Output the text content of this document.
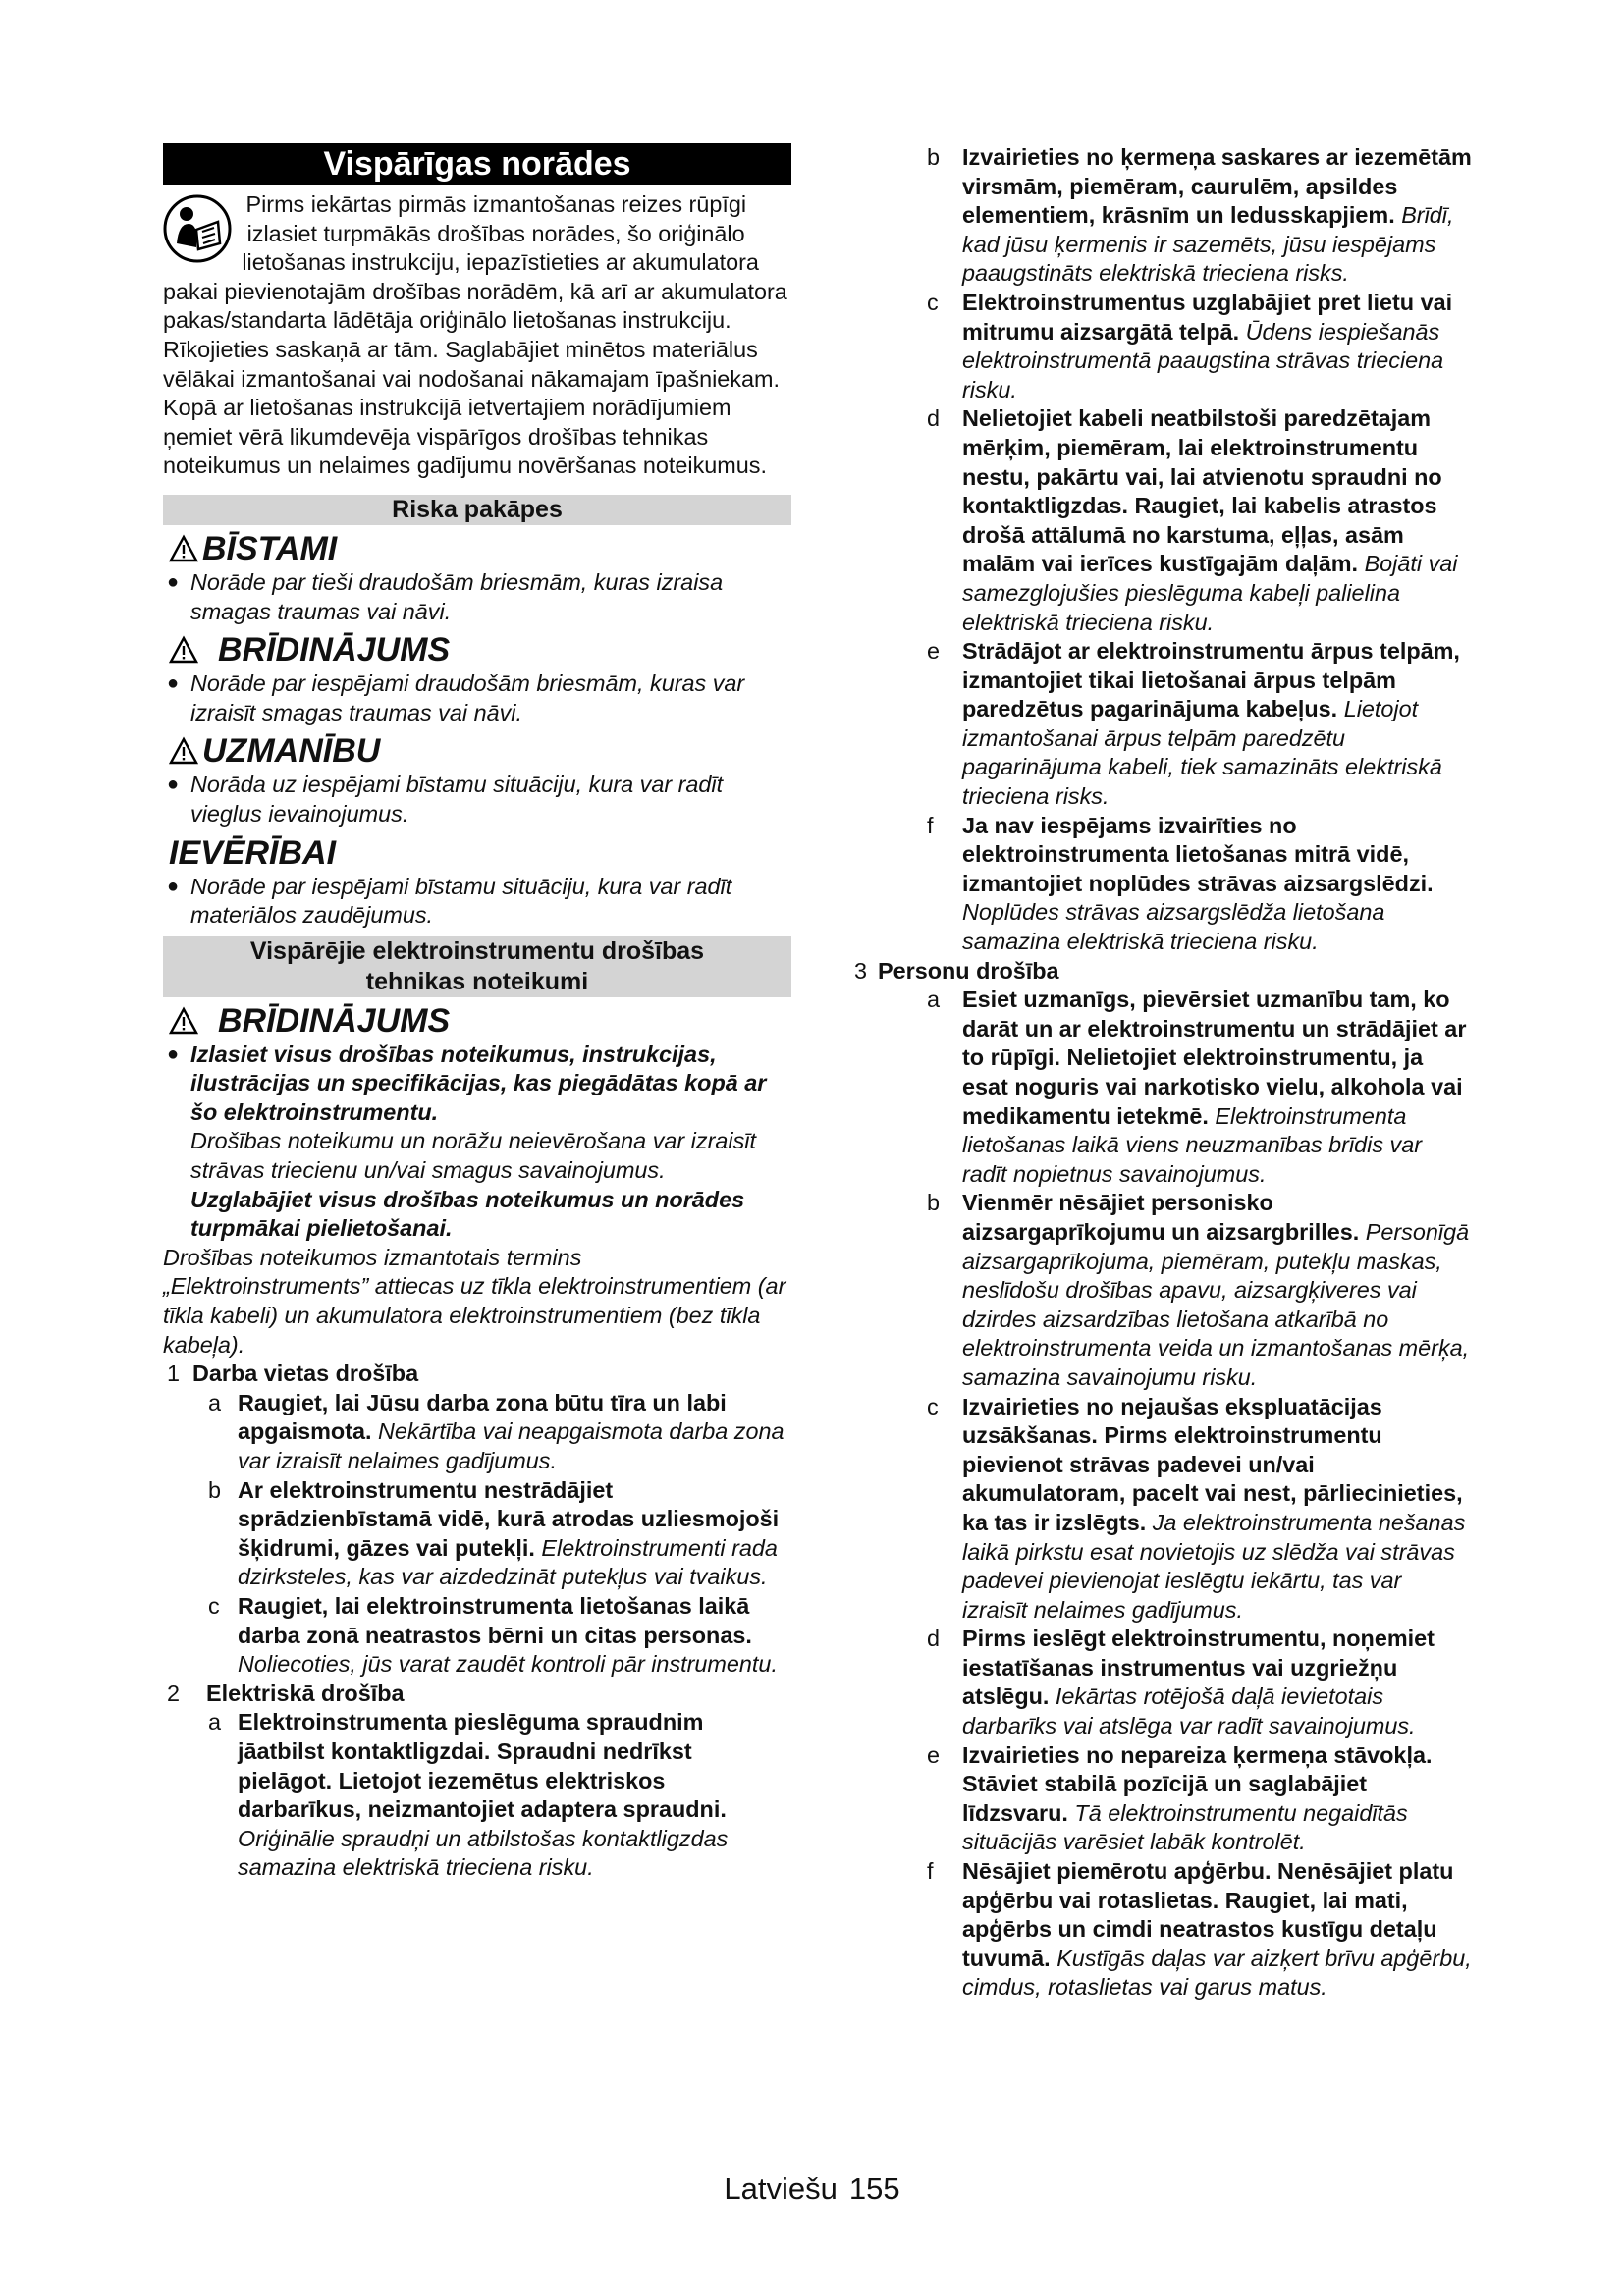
Vispārīgas norādes

Pirms iekārtas pirmās izmantošanas reizes rūpīgi izlasiet turpmākās drošības norādes, šo oriģinālo lietošanas instrukciju, iepazīstieties ar akumulatora pakai pievienotajām drošības norādēm, kā arī ar akumulatora pakas/standarta lādētāja oriģinālo lietošanas instrukciju. Rīkojieties saskaņā ar tām. Saglabājiet minētos materiālus vēlākai izmantošanai vai nodošanai nākamajam īpašniekam.

Kopā ar lietošanas instrukcijā ietvertajiem norādījumiem ņemiet vērā likumdevēja vispārīgos drošības tehnikas noteikumus un nelaimes gadījumu novēršanas noteikumus.

Riska pakāpes
BĪSTAMI
● Norāde par tieši draudošām briesmām, kuras izraisa smagas traumas vai nāvi.
BRĪDINĀJUMS
● Norāde par iespējami draudošām briesmām, kuras var izraisīt smagas traumas vai nāvi.
UZMANĪBU
● Norāda uz iespējami bīstamu situāciju, kura var radīt vieglus ievainojumus.
IEVĒRĪBAI
● Norāde par iespējami bīstamu situāciju, kura var radīt materiālos zaudējumus.
Vispārējie elektroinstrumentu drošības tehnikas noteikumi
BRĪDINĀJUMS
● Izlasiet visus drošības noteikumus, instrukcijas, ilustrācijas un specifikācijas, kas piegādātas kopā ar šo elektroinstrumentu.
Drošības noteikumu un norāžu neievērošana var izraisīt strāvas triecienu un/vai smagus savainojumus.
Uzglabājiet visus drošības noteikumus un norādes turpmākai pielietošanai.

Drošības noteikumos izmantotais termins „Elektroinstruments” attiecas uz tīkla elektroinstrumentiem (ar tīkla kabeli) un akumulatora elektroinstrumentiem (bez tīkla kabeļa).

1 Darba vietas drošība
a Raugiet, lai Jūsu darba zona būtu tīra un labi apgaismota. Nekārtība vai neapgaismota darba zona var izraisīt nelaimes gadījumus.
b Ar elektroinstrumentu nestrādājiet sprādzienbīstamā vidē, kurā atrodas uzliesmojoši šķidrumi, gāzes vai putekļi. Elektroinstrumenti rada dzirksteles, kas var aizdedzināt putekļus vai tvaikus.
c Raugiet, lai elektroinstrumenta lietošanas laikā darba zonā neatrastos bērni un citas personas. Noliecoties, jūs varat zaudēt kontroli pār instrumentu.
2	Elektriskā drošība
a Elektroinstrumenta pieslēguma spraudnim jāatbilst kontaktligzdai. Spraudni nedrīkst pielāgot. Lietojot iezemētus elektriskos darbarīkus, neizmantojiet adaptera spraudni. Oriģinālie spraudņi un atbilstošas kontaktligzdas samazina elektriskā trieciena risku.
b Izvairieties no ķermeņa saskares ar iezemētām virsmām, piemēram, caurulēm, apsildes elementiem, krāsnīm un ledusskapjiem. Brīdī, kad jūsu ķermenis ir sazemēts, jūsu iespējams paaugstināts elektriskā trieciena risks.
c	Elektroinstrumentus uzglabājiet pret lietu vai mitrumu aizsargātā telpā. Ūdens iespiešanās elektroinstrumentā paaugstina strāvas trieciena risku.
d Nelietojiet kabeli neatbilstoši paredzētajam mērķim, piemēram, lai elektroinstrumentu nestu, pakārtu vai, lai atvienotu spraudni no kontaktligzdas. Raugiet, lai kabelis atrastos drošā attālumā no karstuma, eļļas, asām malām vai ierīces kustīgajām daļām. Bojāti vai samezglojušies pieslēguma kabeļi palielina elektriskā trieciena risku.
e Strādājot ar elektroinstrumentu ārpus telpām, izmantojiet tikai lietošanai ārpus telpām paredzētus pagarinājuma kabeļus. Lietojot izmantošanai ārpus telpām paredzētu pagarinājuma kabeli, tiek samazināts elektriskā trieciena risks.
f	Ja nav iespējams izvairīties no elektroinstrumenta lietošanas mitrā vidē, izmantojiet noplūdes strāvas aizsargslēdzi. Noplūdes strāvas aizsargslēdža lietošana samazina elektriskā trieciena risku.
3 Personu drošība
a Esiet uzmanīgs, pievērsiet uzmanību tam, ko darāt un ar elektroinstrumentu un strādājiet ar to rūpīgi. Nelietojiet elektroinstrumentu, ja esat noguris vai narkotisko vielu, alkohola vai medikamentu ietekmē. Elektroinstrumenta lietošanas laikā viens neuzmanības brīdis var radīt nopietnus savainojumus.
b Vienmēr nēsājiet personisko aizsargaprīkojumu un aizsargbrilles. Personīgā aizsargaprīkojuma, piemēram, putekļu maskas, neslīdošu drošības apavu, aizsargķiveres vai dzirdes aizsardzības lietošana atkarībā no elektroinstrumenta veida un izmantošanas mērķa, samazina savainojumu risku.
c	Izvairieties no nejaušas ekspluatācijas uzsākšanas. Pirms elektroinstrumentu pievienot strāvas padevei un/vai akumulatoram, pacelt vai nest, pārliecinieties, ka tas ir izslēgts. Ja elektroinstrumenta nešanas laikā pirkstu esat novietojis uz slēdža vai strāvas padevei pievienojat ieslēgtu iekārtu, tas var izraisīt nelaimes gadījumus.
d Pirms ieslēgt elektroinstrumentu, noņemiet iestatīšanas instrumentus vai uzgriežņu atslēgu. Iekārtas rotējošā daļā ievietotais darbarīks vai atslēga var radīt savainojumus.
e Izvairieties no nepareiza ķermeņa stāvokļa. Stāviet stabilā pozīcijā un saglabājiet līdzsvaru. Tā elektroinstrumentu negaidītās situācijās varēsiet labāk kontrolēt.
f	Nēsājiet piemērotu apģērbu. Nenēsājiet platu apģērbu vai rotaslietas. Raugiet, lai mati, apģērbs un cimdi neatrastos kustīgu detaļu tuvumā. Kustīgās daļas var aizķert brīvu apģērbu, cimdus, rotaslietas vai garus matus.
Latviešu 155
